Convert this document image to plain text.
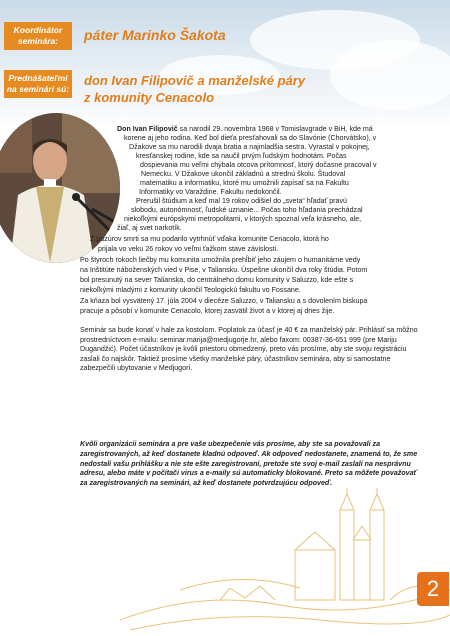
Koordinátor seminára:	páter Marinko Šakota
Prednášateľmi na seminári sú:
don Ivan Filipovič a manželské páry
z komunity Cenacolo
Don Ivan Filipovič sa narodil 29. novembra 1968 v Tomislavgrade v BiH, kde má
korene aj jeho rodina. Keď bol dieťa presťahovali sa do Slavónie (Chorvátsko), v
Džakove sa mu narodili dvaja bratia a najmladšia sestra. Vyrastal v pokojnej,
kresťanskej rodine, kde sa naučil prvým ľudským hodnotám. Počas
dospievania mu veľmi chýbala otcova prítomnosť, ktorý dočasne pracoval v
Nemecku. V Džakove ukončil základnú a strednú školu. Študoval
matematiku a informatiku, ktoré mu umožnili zapísať sa na Fakultu
Informatiky vo Varaždine. Fakultu nedokončil.
Prerušil štúdium a keď mal 19 rokov odišiel do „sveta“ hľadať pravú
slobodu, autonómnosť, ľudské uznanie... Počas toho hľadania prechádzal
niekoľkými európskymi metropolitami, v ktorých spoznal veľa krásneho, ale,
žiaľ, aj svet narkotík.
Z pazúrov smrti sa mu podarilo vytrhnúť vďaka komunite Cenacolo, ktorá ho
prijala vo veku 26 rokov vo veľmi ťažkom stave závislosti.
Po štyroch rokoch liečby mu komunita umožnila prehĺbiť jeho záujem o humanitárne vedy
na Inštitúte náboženských vied v Pise, v Taliansku. Úspešne ukončil dva roky štúdia. Potom
bol presunutý na sever Talianska, do centrálneho domu komunity v Saluzzo, kde ešte s
niekoľkými mladými z komunity ukončil Teologickú fakultu vo Fossane.
Za kňaza bol vysvätený 17. júla 2004 v diecéze Saluzzo, v Taliansku a s dovolením biskupa
pracuje a pôsobí v komunite Cenacolo, ktorej zasvätil život a v ktorej aj dnes žije.
Seminár sa bude konať v hale za kostolom. Poplatok za účasť je 40 € za manželský pár. Prihlásiť sa môžno prostredníctvom e-mailu: seminar.marija@medjugorje.hr, alebo faxom: 00387-36-651 999 (pre Mariju Dugandžić). Počet účastníkov je kvôli priestoru obmedzený, preto vás prosíme, aby ste svoju registráciu zaslali čo najskôr. Taktiež prosíme všetky manželské páry, účastníkov seminára, aby si samostatne zabezpečili ubytovanie v Medjugorí.
Kvôli organizácii seminára a pre vaše ubezpečenie vás prosíme, aby ste sa považovali za zaregistrovaných, až keď dostanete kladnú odpoveď. Ak odpoveď nedostanete, znamená to, že sme nedostali vašu prihlášku a nie ste ešte zaregistrovaní, pretože ste svoj e-mail zaslali na nesprávnu adresu, alebo máte v počítači virus a e-maily sú automaticky blokované. Preto sa môžete považovať za zaregistrovaných na seminári, až keď dostanete potvrdzujúcu odpoveď.
2
